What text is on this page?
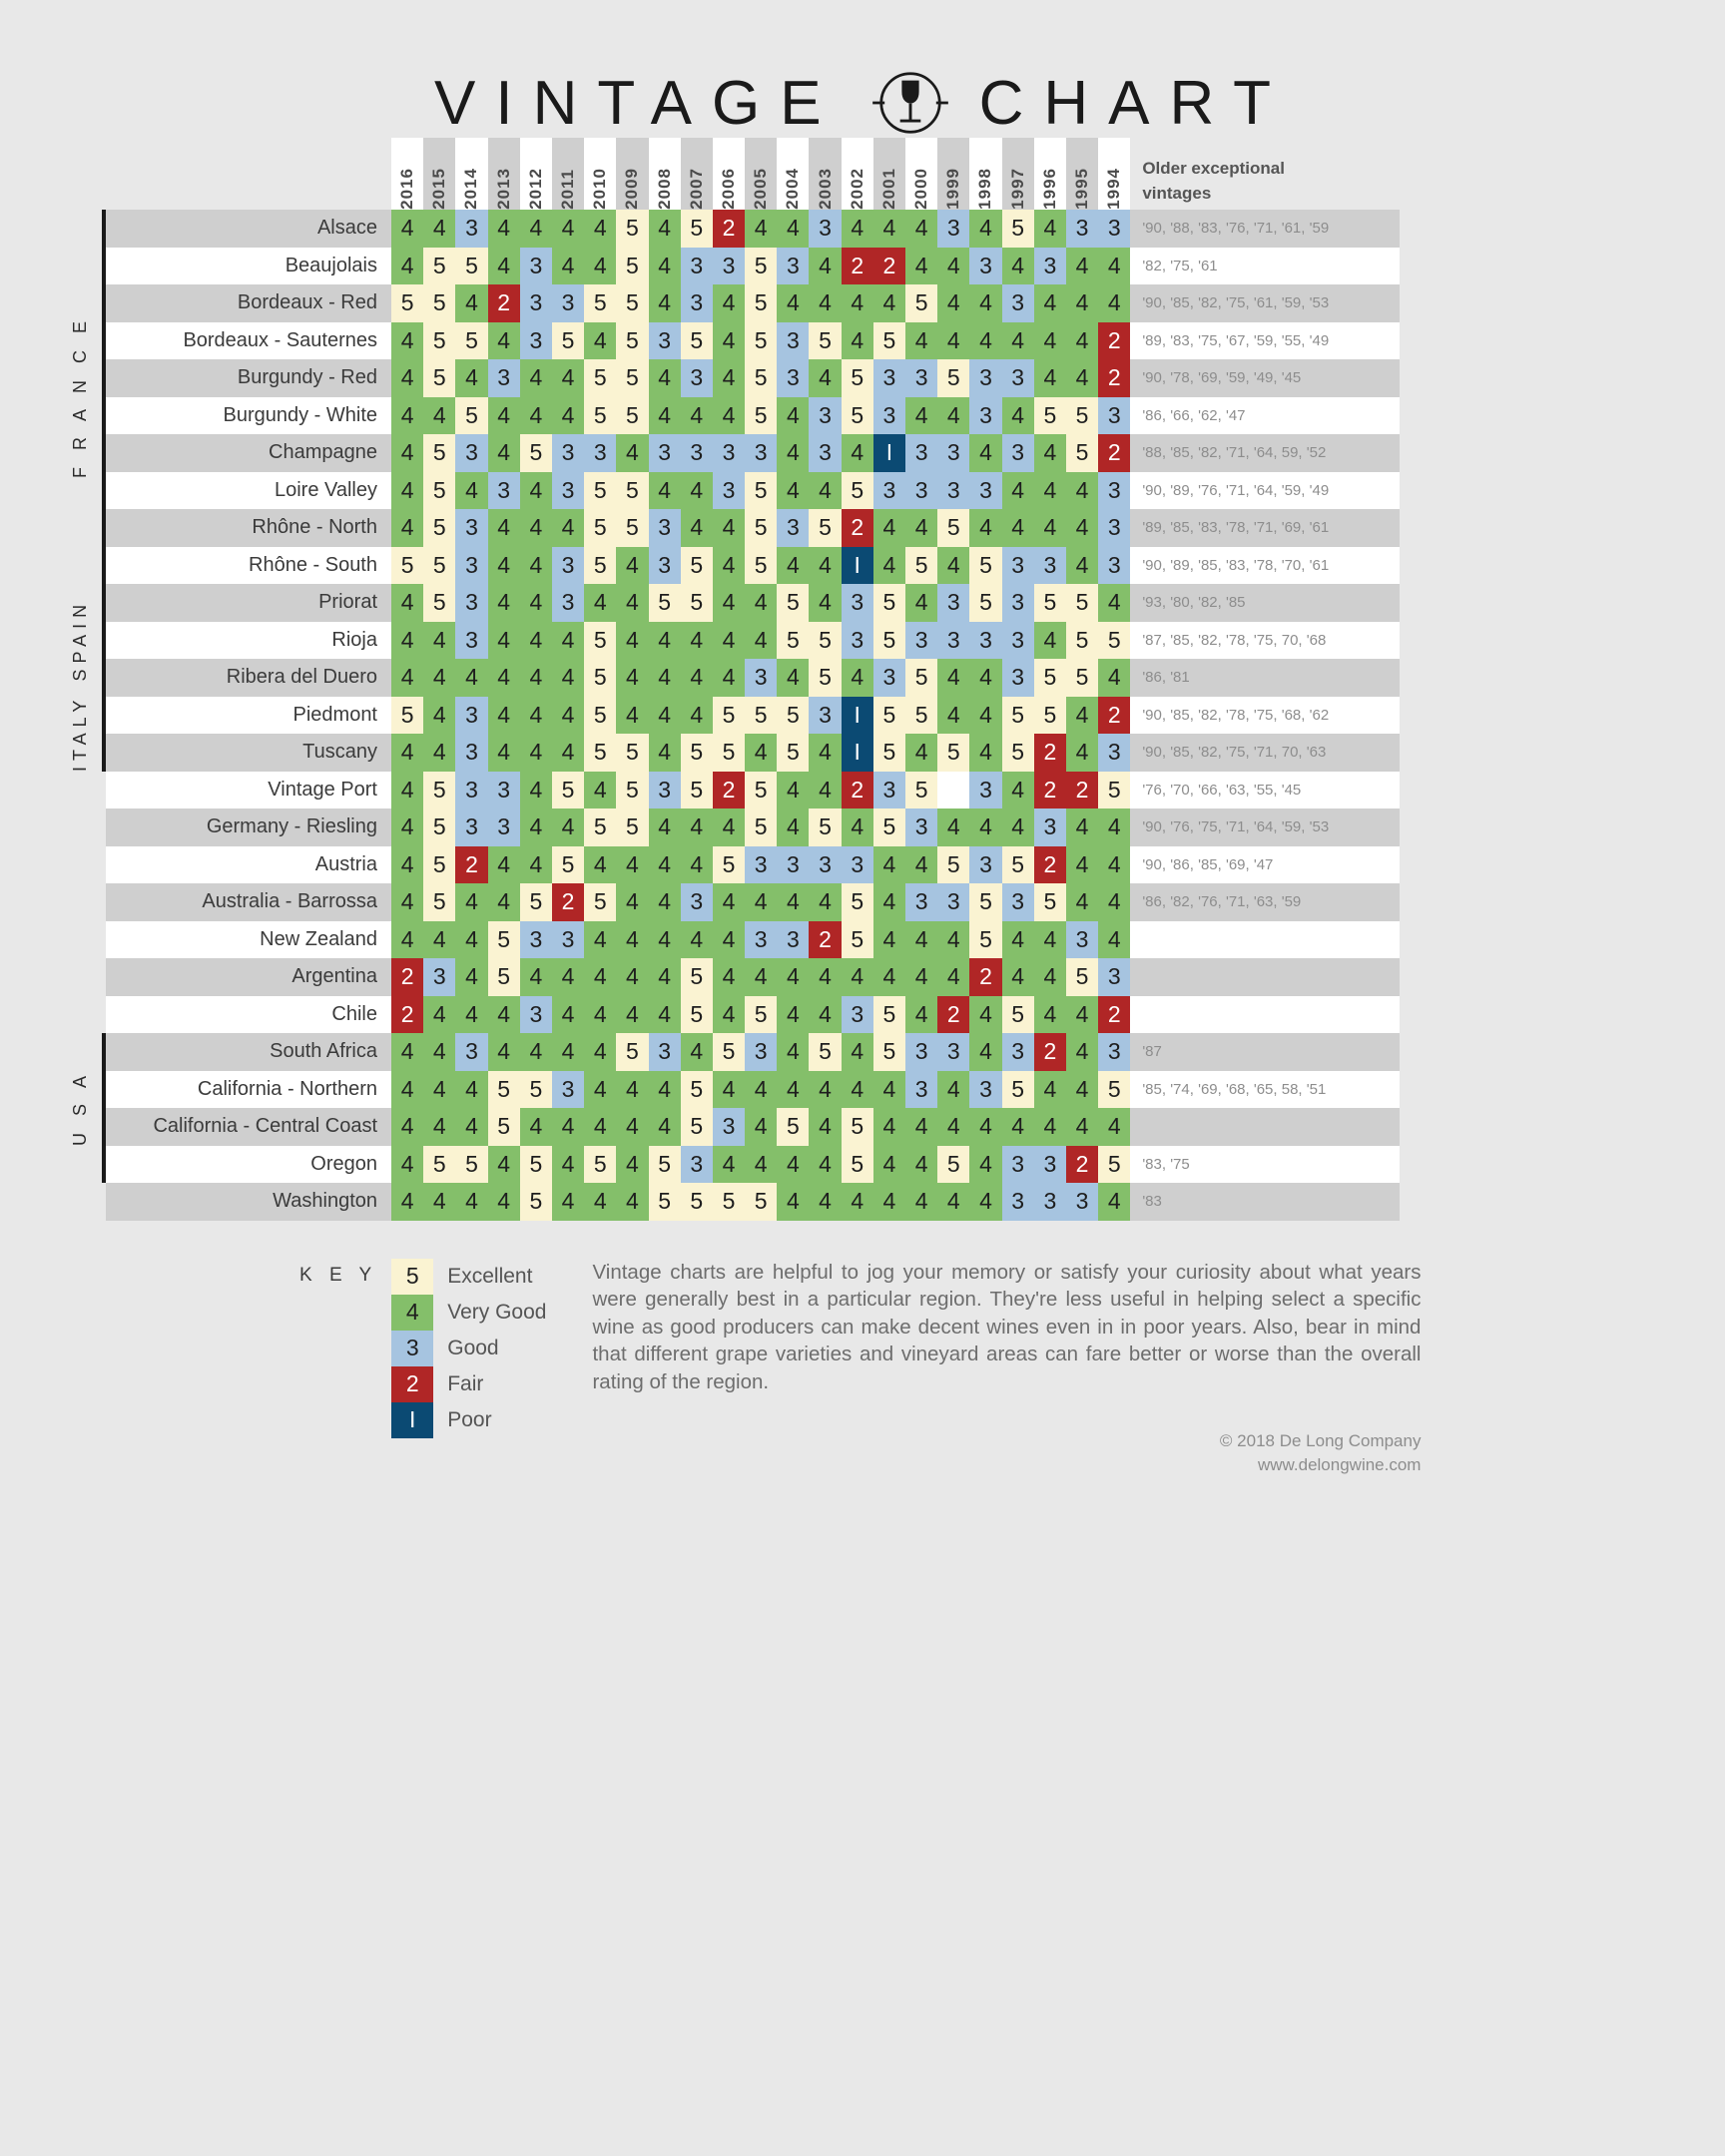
VINTAGE CHART
F R A N C E
SPAIN
ITALY
U S A

	2016	2015	2014	2013	2012	2011	2010	2009	2008	2007	2006	2005	2004	2003	2002	2001	2000	1999	1998	1997	1996	1995	1994	Older exceptional
vintages

Alsace	4	4	3	4	4	4	4	5	4	5	2	4	4	3	4	4	4	3	4	5	4	3	3	'90, '88, '83, '76, '71, '61, '59
Beaujolais	4	5	5	4	3	4	4	5	4	3	3	5	3	4	2	2	4	4	3	4	3	4	4	'82, '75, '61
Bordeaux - Red	5	5	4	2	3	3	5	5	4	3	4	5	4	4	4	4	5	4	4	3	4	4	4	'90, '85, '82, '75, '61, '59, '53
Bordeaux - Sauternes	4	5	5	4	3	5	4	5	3	5	4	5	3	5	4	5	4	4	4	4	4	4	2	'89, '83, '75, '67, '59, '55, '49
Burgundy - Red	4	5	4	3	4	4	5	5	4	3	4	5	3	4	5	3	3	5	3	3	4	4	2	'90, '78, '69, '59, '49, '45
Burgundy - White	4	4	5	4	4	4	5	5	4	4	4	5	4	3	5	3	4	4	3	4	5	5	3	'86, '66, '62, '47
Champagne	4	5	3	4	5	3	3	4	3	3	3	3	4	3	4	I	3	3	4	3	4	5	2	'88, '85, '82, '71, '64, 59, '52
Loire Valley	4	5	4	3	4	3	5	5	4	4	3	5	4	4	5	3	3	3	3	4	4	4	3	'90, '89, '76, '71, '64, '59, '49
Rhône - North	4	5	3	4	4	4	5	5	3	4	4	5	3	5	2	4	4	5	4	4	4	4	3	'89, '85, '83, '78, '71, '69, '61
Rhône - South	5	5	3	4	4	3	5	4	3	5	4	5	4	4	I	4	5	4	5	3	3	4	3	'90, '89, '85, '83, '78, '70, '61
Priorat	4	5	3	4	4	3	4	4	5	5	4	4	5	4	3	5	4	3	5	3	5	5	4	'93, '80, '82, '85
Rioja	4	4	3	4	4	4	5	4	4	4	4	4	5	5	3	5	3	3	3	3	4	5	5	'87, '85, '82, '78, '75, 70, '68
Ribera del Duero	4	4	4	4	4	4	5	4	4	4	4	3	4	5	4	3	5	4	4	3	5	5	4	'86, '81
Piedmont	5	4	3	4	4	4	5	4	4	4	5	5	5	3	I	5	5	4	4	5	5	4	2	'90, '85, '82, '78, '75, '68, '62
Tuscany	4	4	3	4	4	4	5	5	4	5	5	4	5	4	I	5	4	5	4	5	2	4	3	'90, '85, '82, '75, '71, 70, '63
Vintage Port	4	5	3	3	4	5	4	5	3	5	2	5	4	4	2	3	5		3	4	2	2	5	'76, '70, '66, '63, '55, '45
Germany - Riesling	4	5	3	3	4	4	5	5	4	4	4	5	4	5	4	5	3	4	4	4	3	4	4	'90, '76, '75, '71, '64, '59, '53
Austria	4	5	2	4	4	5	4	4	4	4	5	3	3	3	3	4	4	5	3	5	2	4	4	'90, '86, '85, '69, '47
Australia - Barrossa	4	5	4	4	5	2	5	4	4	3	4	4	4	4	5	4	3	3	5	3	5	4	4	'86, '82, '76, '71, '63, '59
New Zealand	4	4	4	5	3	3	4	4	4	4	4	3	3	2	5	4	4	4	5	4	4	3	4	
Argentina	2	3	4	5	4	4	4	4	4	5	4	4	4	4	4	4	4	4	2	4	4	5	3	
Chile	2	4	4	4	3	4	4	4	4	5	4	5	4	4	3	5	4	2	4	5	4	4	2	
South Africa	4	4	3	4	4	4	4	5	3	4	5	3	4	5	4	5	3	3	4	3	2	4	3	'87
California - Northern	4	4	4	5	5	3	4	4	4	5	4	4	4	4	4	4	3	4	3	5	4	4	5	'85, '74, '69, '68, '65, 58, '51
California - Central Coast	4	4	4	5	4	4	4	4	4	5	3	4	5	4	5	4	4	4	4	4	4	4	4	
Oregon	4	5	5	4	5	4	5	4	5	3	4	4	4	4	5	4	4	5	4	3	3	2	5	'83, '75
Washington	4	4	4	4	5	4	4	4	5	5	5	5	4	4	4	4	4	4	4	3	3	3	4	'83
K E Y	5	Excellent
4	Very Good
3	Good
2	Fair
I	Poor
Vintage charts are helpful to jog your memory or satisfy your curiosity about what years were generally best in a particular region. They're less useful in helping select a specific wine as good producers can make decent wines even in in poor years. Also, bear in mind that different grape varieties and vineyard areas can fare better or worse than the overall rating of the region.
© 2018 De Long Company
www.delongwine.com
